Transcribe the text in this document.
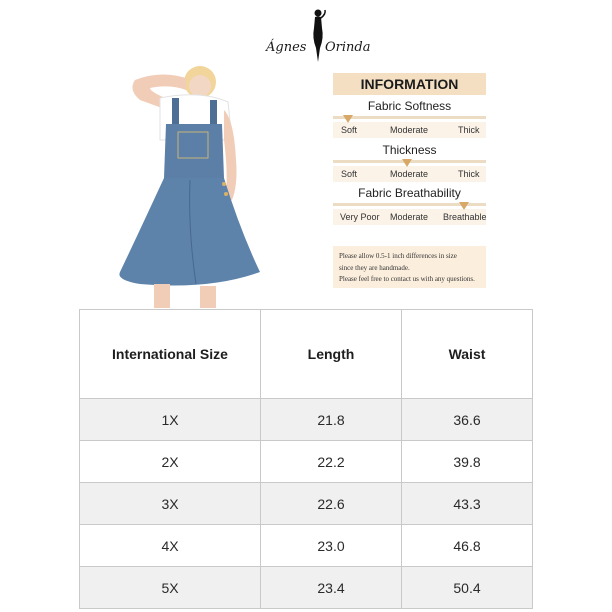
Ágnes Orinda
INFORMATION
Fabric Softness
Soft	Moderate	Thick
Thickness
Soft	Moderate	Thick
Fabric Breathability
Very Poor Moderate Breathable
Please allow 0.5-1 inch differences in size
since they are handmade.
Please feel free to contact us with any questions.
International Size	Length	Waist
1X	21.8	36.6
2X	22.2	39.8
3X	22.6	43.3
4X	23.0	46.8
5X	23.4	50.4
